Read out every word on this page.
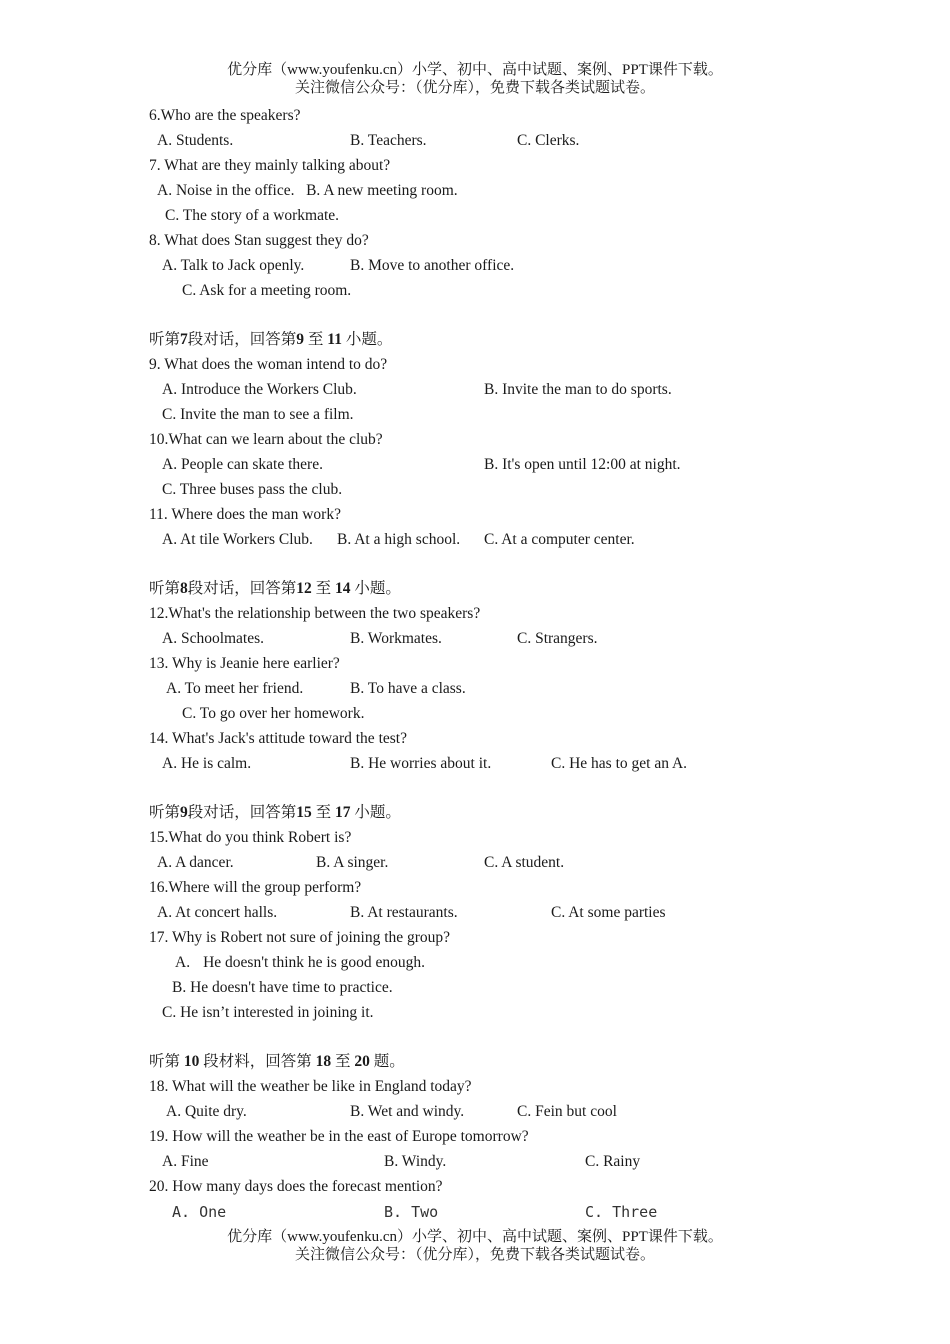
优分库（www.youfenku.cn）小学、初中、高中试题、案例、PPT课件下载。
关注微信公众号：（优分库），免费下载各类试题试卷。
6.Who are the speakers?
A. Students.	B. Teachers.	C. Clerks.
7. What are they mainly talking about?
A. Noise in the office.   B. A new meeting room.
C. The story of a workmate.
8. What does Stan suggest they do?
A. Talk to Jack openly.	B. Move to another office.
C. Ask for a meeting room.
听第7段对话，回答第9 至 11 小题。
9. What does the woman intend to do?
A. Introduce the Workers Club.	B. Invite the man to do sports.
C. Invite the man to see a film.
10.What can we learn about the club?
A. People can skate there.	B. It's open until 12:00 at night.
C. Three buses pass the club.
11. Where does the man work?
A. At tile Workers Club. B. At a high school. C. At a computer center.
听第8段对话，回答第12 至 14 小题。
12.What's the relationship between the two speakers?
A. Schoolmates.	B. Workmates.	C. Strangers.
13. Why is Jeanie here earlier?
A. To meet her friend.	B. To have a class.
C. To go over her homework.
14. What's Jack's attitude toward the test?
A. He is calm.	B. He worries about it.	C. He has to get an A.
听第9段对话，回答第15 至 17 小题。
15.What do you think Robert is?
A. A dancer.	B. A singer.	C. A student.
16.Where will the group perform?
A. At concert halls.	B. At restaurants.	C. At some parties
17. Why is Robert not sure of joining the group?
A. He doesn't think he is good enough.
B. He doesn't have time to practice.
C. He isn’t interested in joining it.
听第 10 段材料，回答第 18 至 20 题。
18. What will the weather be like in England today?
A. Quite dry.	B. Wet and windy.	C. Fein but cool
19. How will the weather be in the east of Europe tomorrow?
A. Fine	B. Windy.	C. Rainy
20. How many days does the forecast mention?
A. One	B. Two	C. Three
优分库（www.youfenku.cn）小学、初中、高中试题、案例、PPT课件下载。
关注微信公众号：（优分库），免费下载各类试题试卷。
